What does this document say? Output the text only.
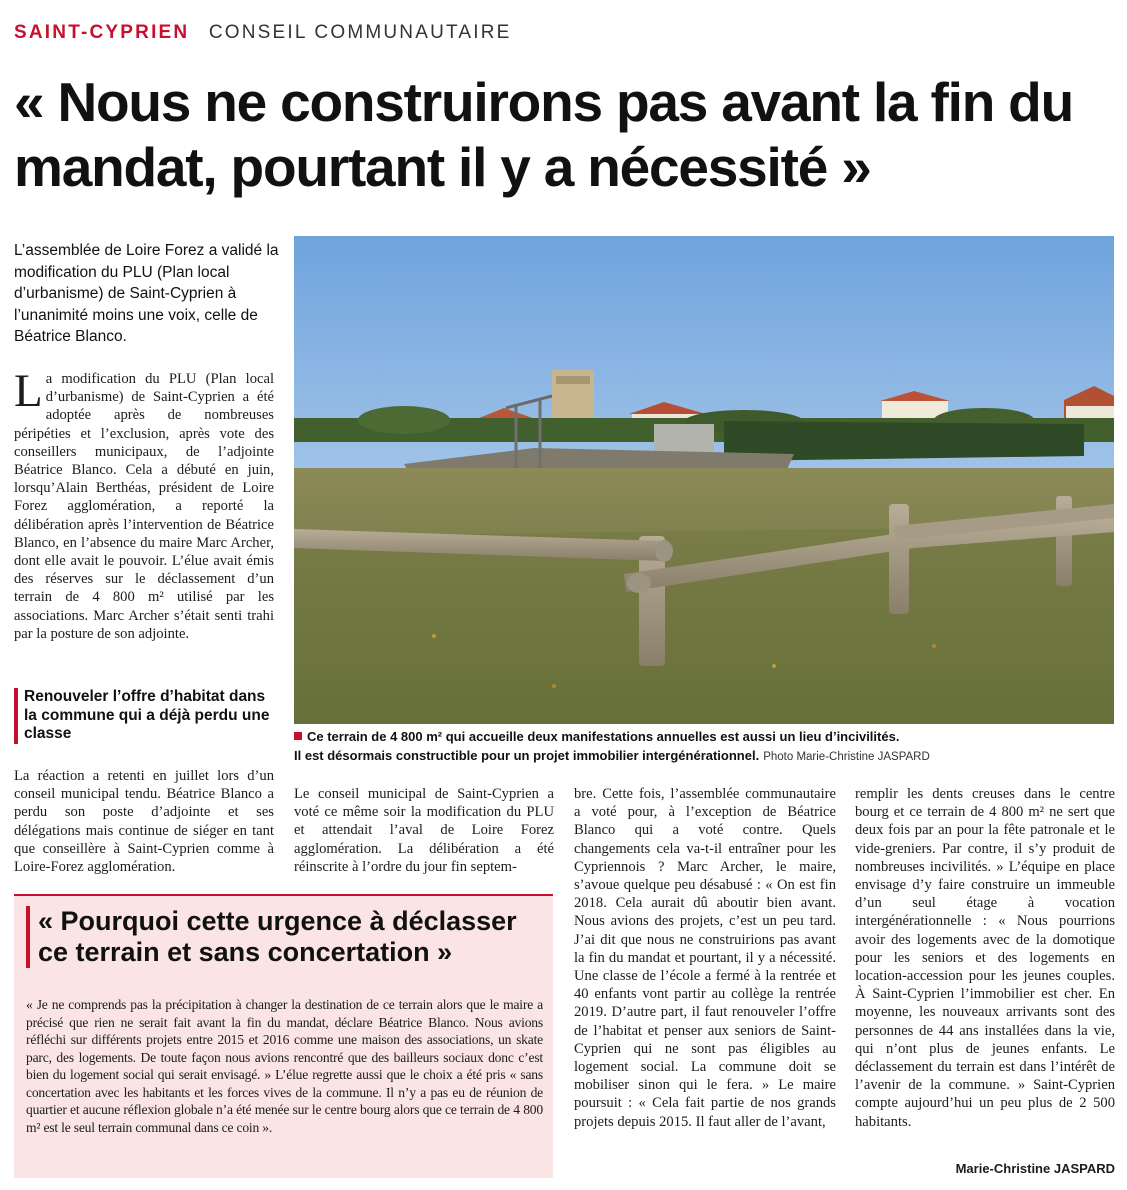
SAINT-CYPRIEN CONSEIL COMMUNAUTAIRE
« Nous ne construirons pas avant la fin du mandat, pourtant il y a nécessité »

L’assemblée de Loire Forez a validé la modification du PLU (Plan local d’urbanisme) de Saint-Cyprien à l’unanimité moins une voix, celle de Béatrice Blanco.

La modification du PLU (Plan local d’urbanisme) de Saint-Cyprien a été adoptée après de nombreuses péripéties et l’exclusion, après vote des conseillers municipaux, de l’adjointe Béatrice Blanco. Cela a débuté en juin, lorsqu’Alain Berthéas, président de Loire Forez agglomération, a reporté la délibération après l’intervention de Béatrice Blanco, en l’absence du maire Marc Archer, dont elle avait le pouvoir. L’élue avait émis des réserves sur le déclassement d’un terrain de 4 800 m² utilisé par les associations. Marc Archer s’était senti trahi par la posture de son adjointe.
Renouveler l’offre d’habitat dans la commune qui a déjà perdu une classe

La réaction a retenti en juillet lors d’un conseil municipal tendu. Béatrice Blanco a perdu son poste d’adjointe et ses délégations mais continue de siéger en tant que conseillère à Saint-Cyprien comme à Loire-Forez agglomération.

Ce terrain de 4 800 m² qui accueille deux manifestations annuelles est aussi un lieu d’incivilités.
Il est désormais constructible pour un projet immobilier intergénérationnel. Photo Marie-Christine JASPARD

Le conseil municipal de Saint-Cyprien a voté ce même soir la modification du PLU et attendait l’aval de Loire Forez agglomération. La délibération a été réinscrite à l’ordre du jour fin septem-

bre. Cette fois, l’assemblée communautaire a voté pour, à l’exception de Béatrice Blanco qui a voté contre. Quels changements cela va-t-il entraîner pour les Cypriennois ? Marc Archer, le maire, s’avoue quelque peu désabusé : « On est fin 2018. Cela aurait dû aboutir bien avant. Nous avions des projets, c’est un peu tard. J’ai dit que nous ne construirions pas avant la fin du mandat et pourtant, il y a nécessité. Une classe de l’école a fermé à la rentrée et 40 enfants vont partir au collège la rentrée 2019. D’autre part, il faut renouveler l’offre de l’habitat et penser aux seniors de Saint-Cyprien qui ne sont pas éligibles au logement social. La commune doit se mobiliser sinon qui le fera. » Le maire poursuit : « Cela fait partie de nos grands projets depuis 2015. Il faut aller de l’avant,

remplir les dents creuses dans le centre bourg et ce terrain de 4 800 m² ne sert que deux fois par an pour la fête patronale et le vide-greniers. Par contre, il s’y produit de nombreuses incivilités. » L’équipe en place envisage d’y faire construire un immeuble d’un seul étage à vocation intergénérationnelle : « Nous pourrions avoir des logements avec de la domotique pour les seniors et des logements en location-accession pour les jeunes couples. À Saint-Cyprien l’immobilier est cher. En moyenne, les nouveaux arrivants sont des personnes de 44 ans installées dans la vie, qui n’ont plus de jeunes enfants. Le déclassement du terrain est dans l’intérêt de l’avenir de la commune. » Saint-Cyprien compte aujourd’hui un peu plus de 2 500 habitants.

Marie-Christine JASPARD
« Pourquoi cette urgence à déclasser ce terrain et sans concertation »

« Je ne comprends pas la précipitation à changer la destination de ce terrain alors que le maire a précisé que rien ne serait fait avant la fin du mandat, déclare Béatrice Blanco. Nous avions réfléchi sur différents projets entre 2015 et 2016 comme une maison des associations, un skate parc, des logements. De toute façon nous avions rencontré que des bailleurs sociaux donc c’est bien du logement social qui serait envisagé. » L’élue regrette aussi que le choix a été pris « sans concertation avec les habitants et les forces vives de la commune. Il n’y a pas eu de réunion de quartier et aucune réflexion globale n’a été menée sur le centre bourg alors que ce terrain de 4 800 m² est le seul terrain communal dans ce coin ».
